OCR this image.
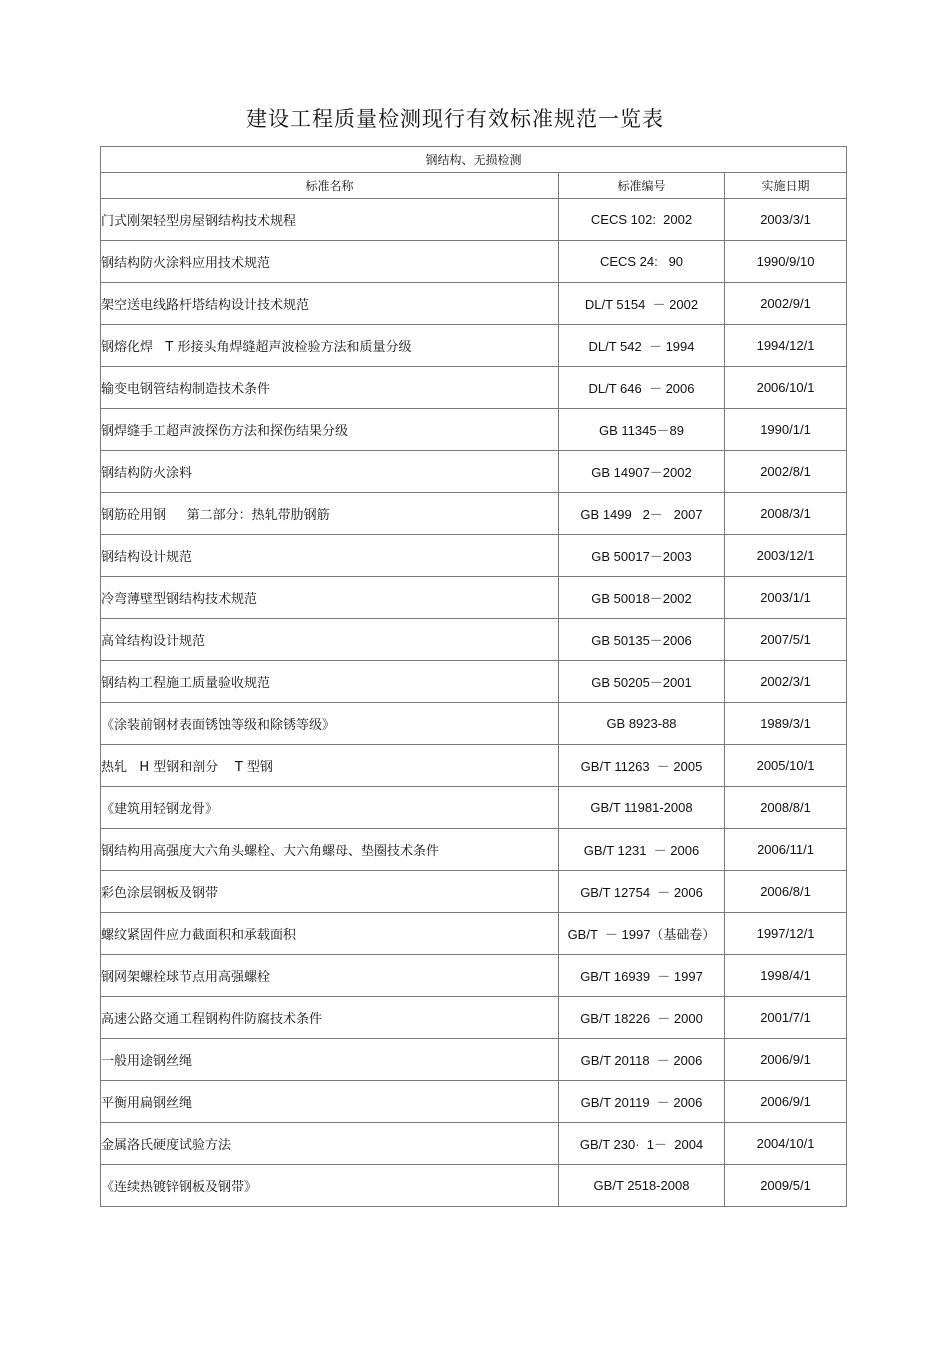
建设工程质量检测现行有效标准规范一览表
钢结构、无损检测		
标准名称	标准编号	实施日期
门式刚架轻型房屋钢结构技术规程	CECS 102:  2002	2003/3/1
钢结构防火涂料应用技术规范	CECS 24:   90	1990/9/10
架空送电线路杆塔结构设计技术规范	DL/T 5154  － 2002	2002/9/1
钢熔化焊   T 形接头角焊缝超声波检验方法和质量分级	DL/T 542  － 1994	1994/12/1
输变电钢管结构制造技术条件	DL/T 646  － 2006	2006/10/1
钢焊缝手工超声波探伤方法和探伤结果分级	GB 11345－89	1990/1/1
钢结构防火涂料	GB 14907－2002	2002/8/1
钢筋砼用钢     第二部分：热轧带肋钢筋	GB 1499   2－   2007	2008/3/1
钢结构设计规范	GB 50017－2003	2003/12/1
冷弯薄壁型钢结构技术规范	GB 50018－2002	2003/1/1
高耸结构设计规范	GB 50135－2006	2007/5/1
钢结构工程施工质量验收规范	GB 50205－2001	2002/3/1
《涂装前钢材表面锈蚀等级和除锈等级》	GB 8923-88	1989/3/1
热轧   H 型钢和剖分    T 型钢	GB/T 11263  － 2005	2005/10/1
《建筑用轻钢龙骨》	GB/T 11981-2008	2008/8/1
钢结构用高强度大六角头螺栓、大六角螺母、垫圈技术条件	GB/T 1231  － 2006	2006/11/1
彩色涂层钢板及钢带	GB/T 12754  － 2006	2006/8/1
螺纹紧固件应力截面积和承载面积	GB/T  － 1997（基础卷）	1997/12/1
钢网架螺栓球节点用高强螺栓	GB/T 16939  － 1997	1998/4/1
高速公路交通工程钢构件防腐技术条件	GB/T 18226  － 2000	2001/7/1
一般用途钢丝绳	GB/T 20118  － 2006	2006/9/1
平衡用扁钢丝绳	GB/T 20119  － 2006	2006/9/1
金属洛氏硬度试验方法	GB/T 230·  1－  2004	2004/10/1
《连续热镀锌钢板及钢带》	GB/T 2518-2008	2009/5/1
